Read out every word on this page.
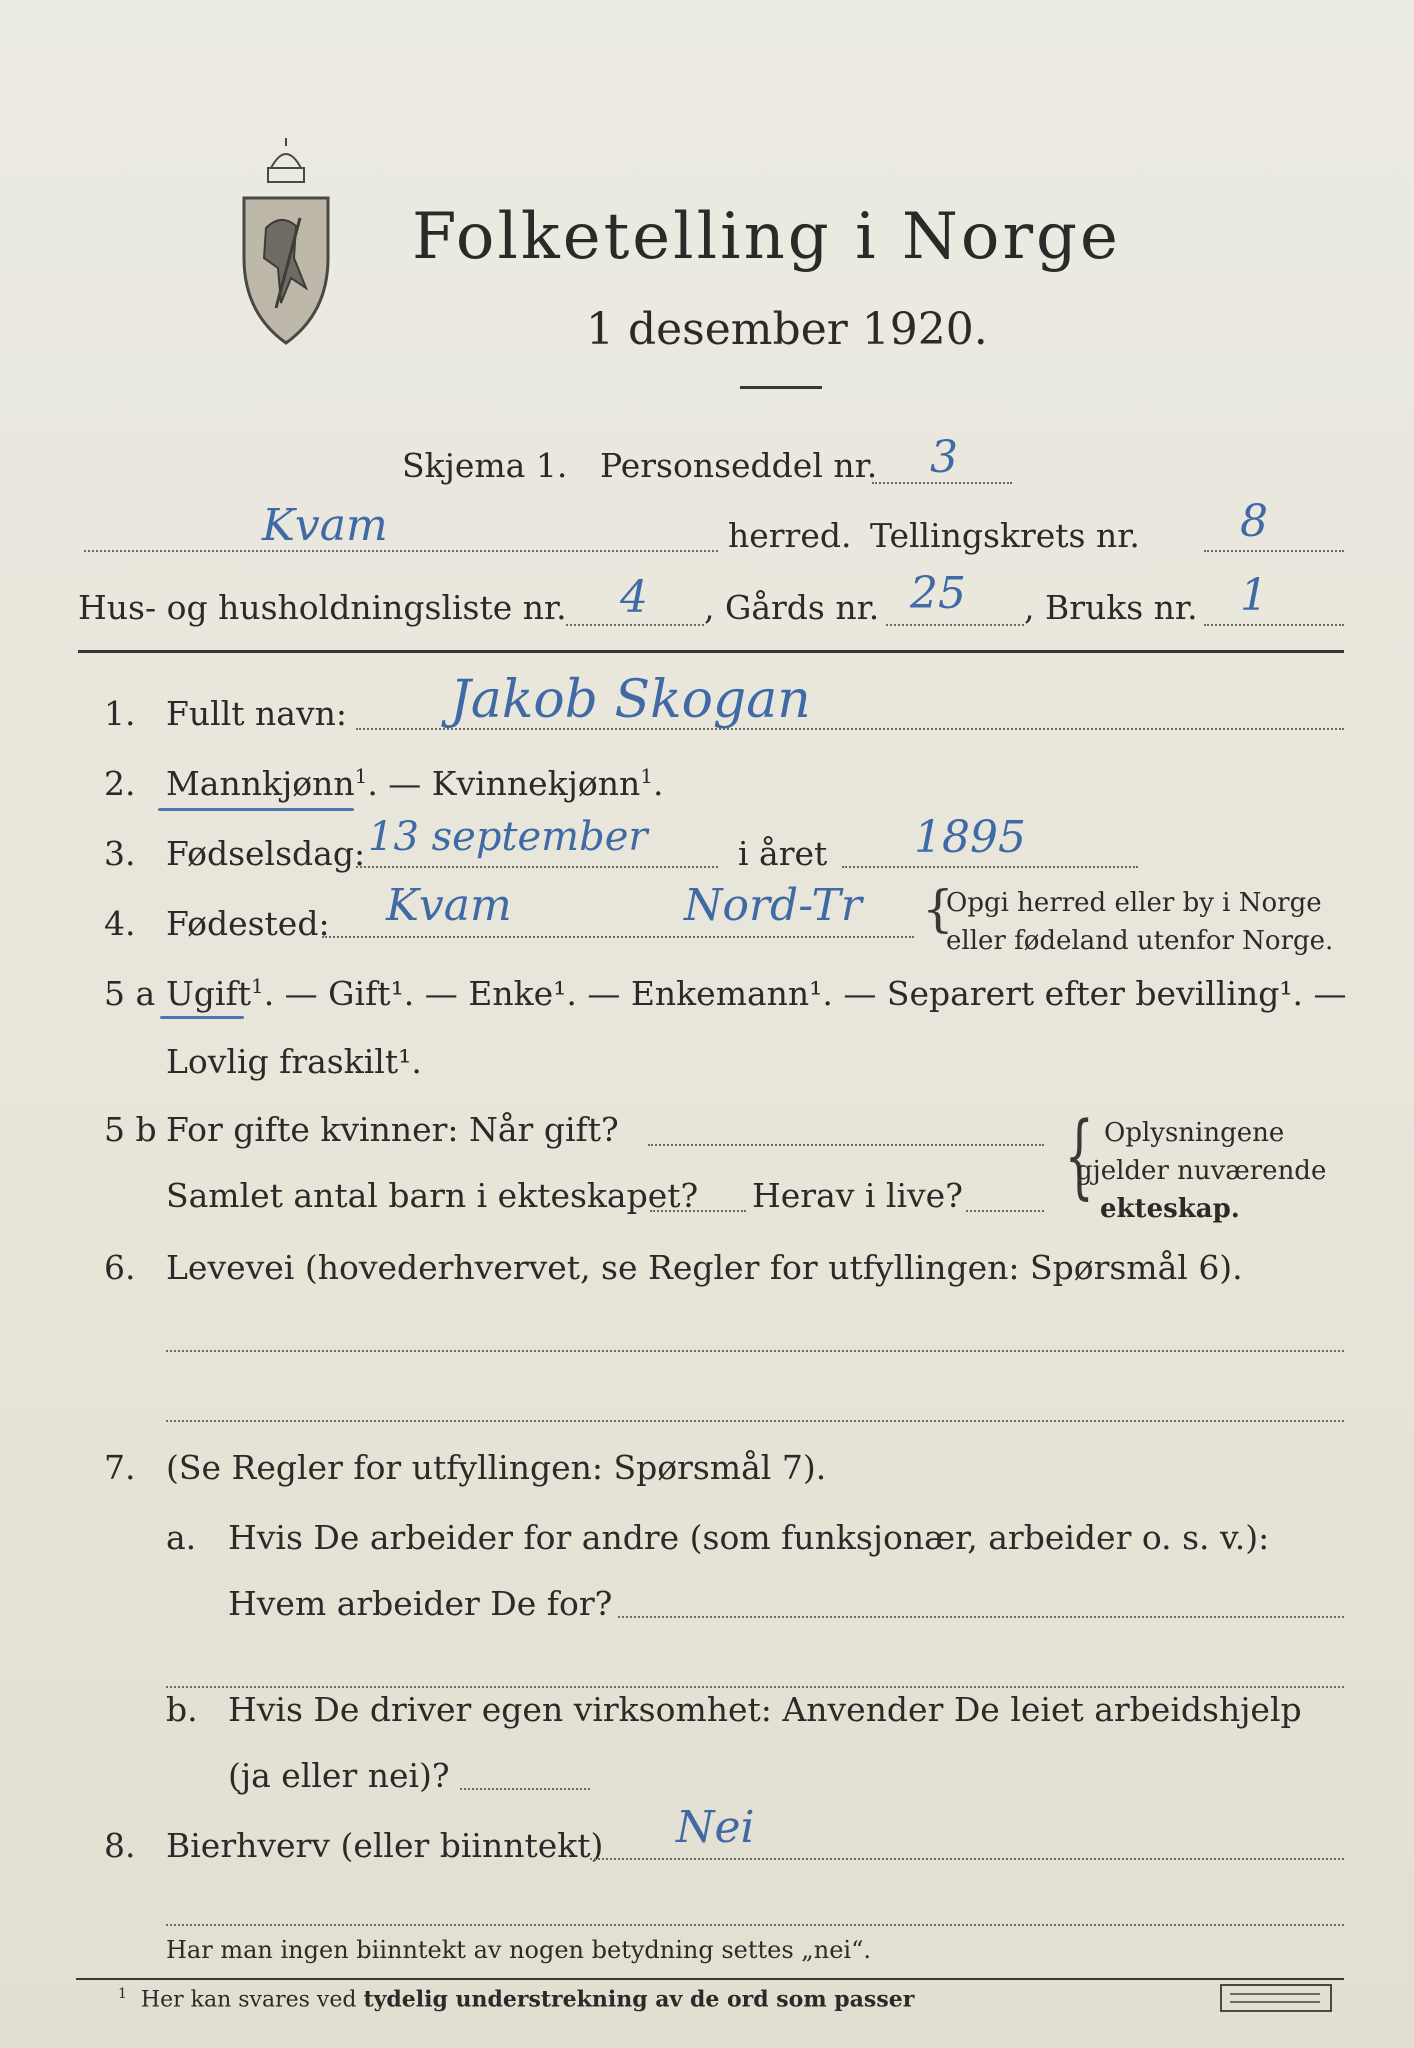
Folketelling i Norge
1 desember 1920.
Skjema 1. Personseddel nr. 3
Kvam	herred. Tellingskrets nr. 8
Hus- og husholdningsliste nr. 4 , Gårds nr. 25 , Bruks nr. 1
1. Fullt navn: Jakob Skogan
2. Mannkjønn$^1$. — Kvinnekjønn$^1$.
3. Fødselsdag: 13 september	i året 1895
4. Fødested: Kvam	Nord-Tr {
Opgi herred eller by i Norge
eller fødeland utenfor Norge.
5 a Ugift$^1$. — Gift¹. — Enke¹. — Enkemann¹. — Separert efter bevilling¹. —
Lovlig fraskilt¹.
5 b For gifte kvinner: Når gift?
Samlet antal barn i ekteskapet? Herav i live? { Oplysningene
gjelder nuværende
ekteskap.
6. Levevei (hovederhvervet, se Regler for utfyllingen: Spørsmål 6).
7. (Se Regler for utfyllingen: Spørsmål 7).
a. Hvis De arbeider for andre (som funksjonær, arbeider o. s. v.):
Hvem arbeider De for?
b. Hvis De driver egen virksomhet: Anvender De leiet arbeidshjelp
(ja eller nei)?
8. Bierhverv (eller biinntekt) Nei
Har man ingen biinntekt av nogen betydning settes „nei“.
$^1$ Her kan svares ved tydelig understrekning av de ord som passer
